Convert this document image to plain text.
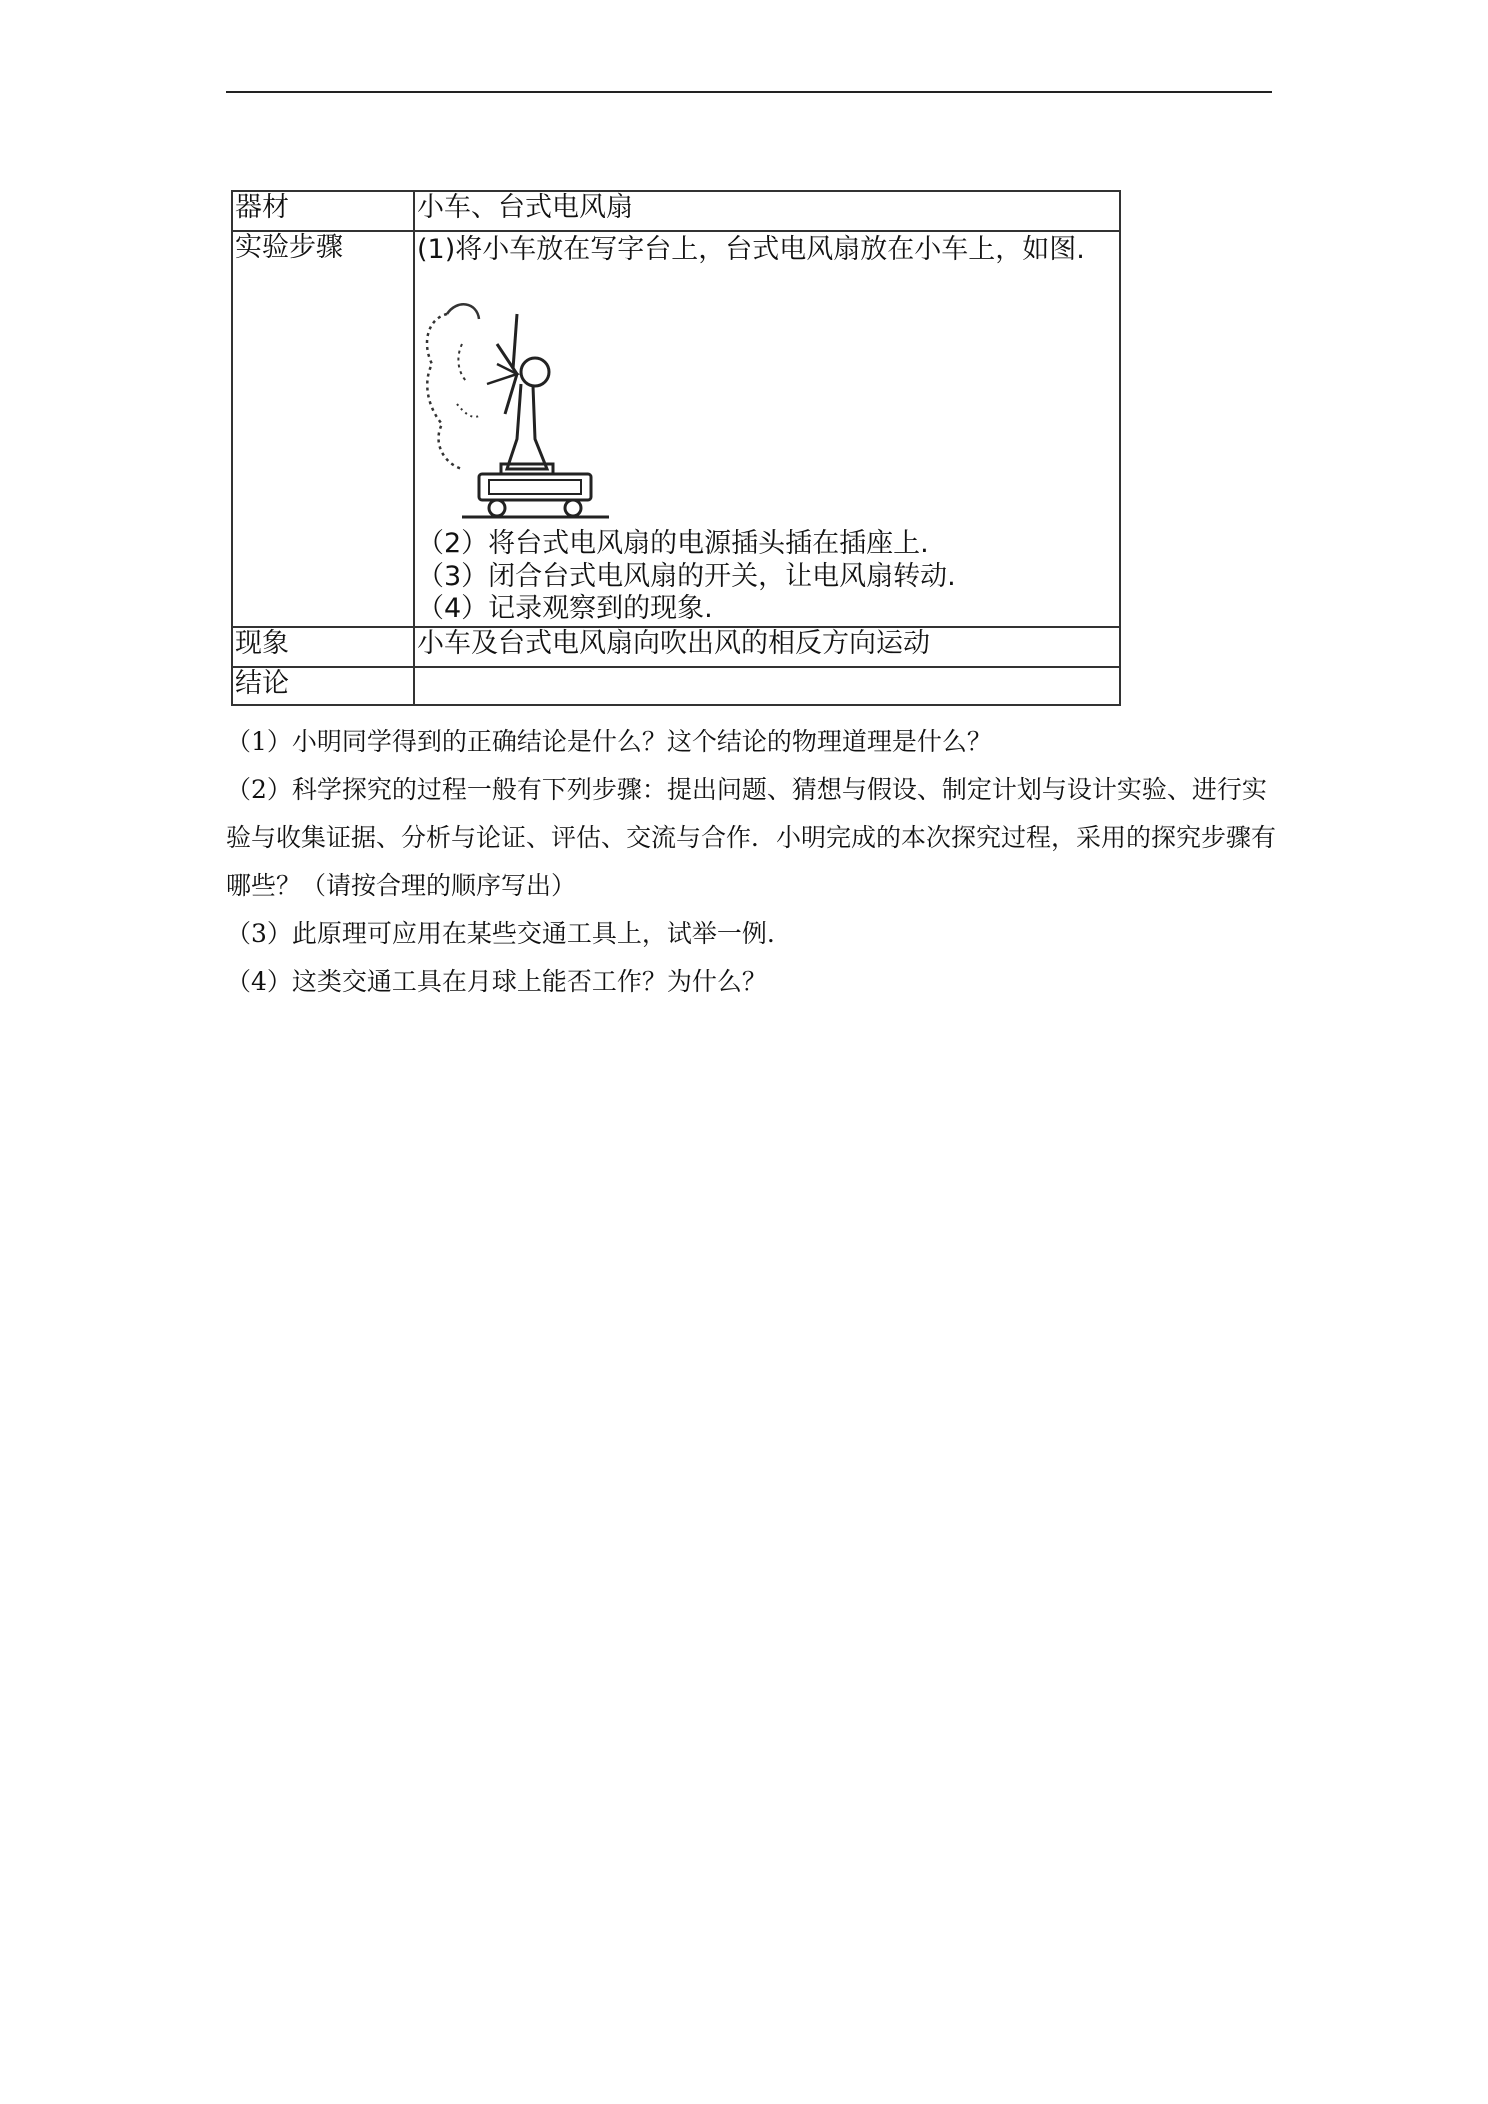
器材	小车、台式电风扇
实验步骤	(1)将小车放在写字台上，台式电风扇放在小车上，如图.
（2）将台式电风扇的电源插头插在插座上.
（3）闭合台式电风扇的开关，让电风扇转动.
（4）记录观察到的现象.

现象	小车及台式电风扇向吹出风的相反方向运动
结论	

（1）小明同学得到的正确结论是什么？这个结论的物理道理是什么？

（2）科学探究的过程一般有下列步骤：提出问题、猜想与假设、制定计划与设计实验、进行实验与收集证据、分析与论证、评估、交流与合作．小明完成的本次探究过程，采用的探究步骤有哪些？（请按合理的顺序写出）

（3）此原理可应用在某些交通工具上，试举一例.

（4）这类交通工具在月球上能否工作？为什么？
